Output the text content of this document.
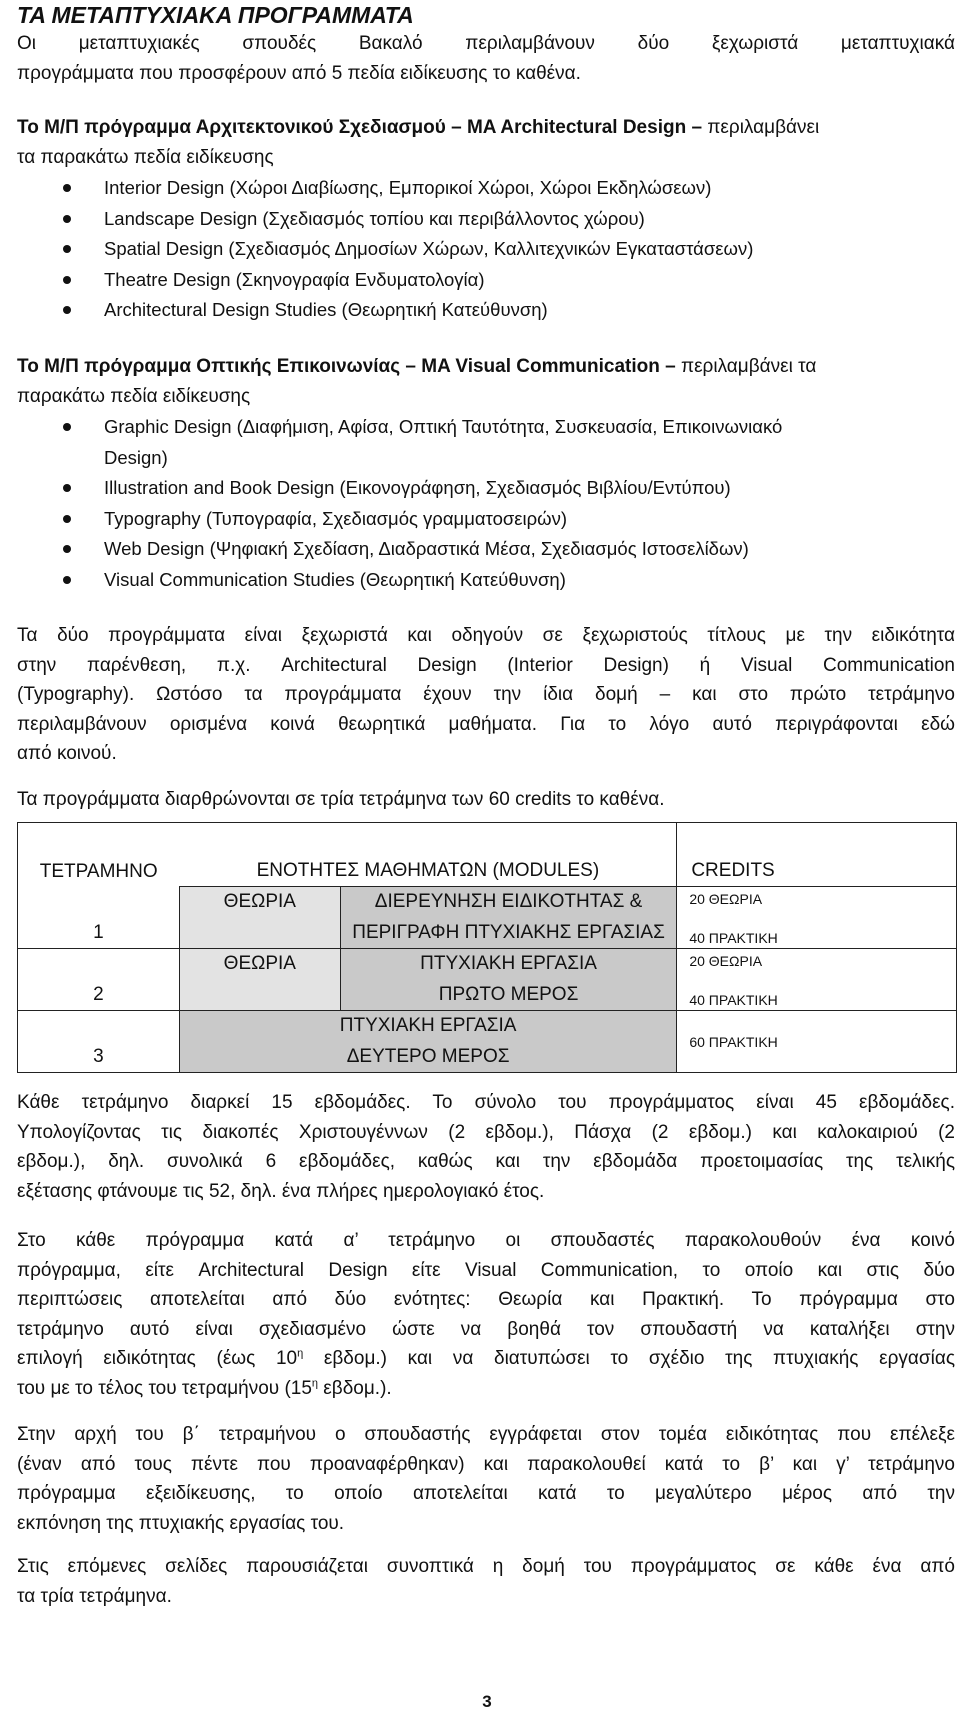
ΤΑ ΜΕΤΑΠΤΥΧΙΑΚΑ ΠΡΟΓΡΑΜΜΑΤΑ
Οι μεταπτυχιακές σπουδές Βακαλό περιλαμβάνουν δύο ξεχωριστά μεταπτυχιακά
προγράμματα που προσφέρουν από 5 πεδία ειδίκευσης το καθένα.
Το Μ/Π πρόγραμμα Αρχιτεκτονικού Σχεδιασμού – MA Architectural Design – περιλαμβάνει
τα παρακάτω πεδία ειδίκευσης
Interior Design (Χώροι Διαβίωσης, Εμπορικοί Χώροι, Χώροι Εκδηλώσεων)
Landscape Design (Σχεδιασμός τοπίου και περιβάλλοντος χώρου)
Spatial Design (Σχεδιασμός Δημοσίων Χώρων, Καλλιτεχνικών Εγκαταστάσεων)
Theatre Design (Σκηνογραφία Ενδυματολογία)
Architectural Design Studies (Θεωρητική Κατεύθυνση)
Το Μ/Π πρόγραμμα Οπτικής Επικοινωνίας – MA Visual Communication – περιλαμβάνει τα
παρακάτω πεδία ειδίκευσης
Graphic Design (Διαφήμιση, Αφίσα, Οπτική Ταυτότητα, Συσκευασία, Επικοινωνιακό
Design)
Illustration and Book Design (Εικονογράφηση, Σχεδιασμός Βιβλίου/Εντύπου)
Typography (Τυπογραφία, Σχεδιασμός γραμματοσειρών)
Web Design (Ψηφιακή Σχεδίαση, Διαδραστικά Μέσα, Σχεδιασμός Ιστοσελίδων)
Visual Communication Studies (Θεωρητική Κατεύθυνση)
Τα δύο προγράμματα είναι ξεχωριστά και οδηγούν σε ξεχωριστούς τίτλους με την ειδικότητα
στην παρένθεση, π.χ. Architectural Design (Interior Design) ή Visual Communication
(Typography). Ωστόσο τα προγράμματα έχουν την ίδια δομή – και στο πρώτο τετράμηνο
περιλαμβάνουν ορισμένα κοινά θεωρητικά μαθήματα. Για το λόγο αυτό περιγράφονται εδώ
από κοινού.
Τα προγράμματα διαρθρώνονται σε τρία τετράμηνα των 60 credits το καθένα.
ΤΕΤΡΑΜΗΝΟ	ΕΝΟΤΗΤΕΣ ΜΑΘΗΜΑΤΩΝ (MODULES)		CREDITS
1	ΘΕΩΡΙΑ	ΔΙΕΡΕΥΝΗΣΗ ΕΙΔΙΚΟΤΗΤΑΣ &	20 ΘΕΩΡΙΑ
		ΠΕΡΙΓΡΑΦΗ ΠΤΥΧΙΑΚΗΣ ΕΡΓΑΣΙΑΣ	40 ΠΡΑΚΤΙΚΗ
2	ΘΕΩΡΙΑ	ΠΤΥΧΙΑΚΗ ΕΡΓΑΣΙΑ	20 ΘΕΩΡΙΑ
		ΠΡΩΤΟ ΜΕΡΟΣ	40 ΠΡΑΚΤΙΚΗ
3	ΠΤΥΧΙΑΚΗ ΕΡΓΑΣΙΑ		60 ΠΡΑΚΤΙΚΗ
	ΔΕΥΤΕΡΟ ΜΕΡΟΣ		
Κάθε τετράμηνο διαρκεί 15 εβδομάδες. Το σύνολο του προγράμματος είναι 45 εβδομάδες.
Υπολογίζοντας τις διακοπές Χριστουγέννων (2 εβδομ.), Πάσχα (2 εβδομ.) και καλοκαιριού (2
εβδομ.), δηλ. συνολικά 6 εβδομάδες, καθώς και την εβδομάδα προετοιμασίας της τελικής
εξέτασης φτάνουμε τις 52, δηλ. ένα πλήρες ημερολογιακό έτος.
Στο κάθε πρόγραμμα κατά α’ τετράμηνο οι σπουδαστές παρακολουθούν ένα κοινό
πρόγραμμα, είτε Architectural Design είτε Visual Communication, το οποίο και στις δύο
περιπτώσεις αποτελείται από δύο ενότητες: Θεωρία και Πρακτική. Το πρόγραμμα στο
τετράμηνο αυτό είναι σχεδιασμένο ώστε να βοηθά τον σπουδαστή να καταλήξει στην
επιλογή ειδικότητας (έως $10^\eta$ εβδομ.) και να διατυπώσει το σχέδιο της πτυχιακής εργασίας
του με το τέλος του τετραμήνου ($15^\eta$ εβδομ.).
Στην αρχή του β΄ τετραμήνου ο σπουδαστής εγγράφεται στον τομέα ειδικότητας που επέλεξε
(έναν από τους πέντε που προαναφέρθηκαν) και παρακολουθεί κατά το β’ και γ’ τετράμηνο
πρόγραμμα εξειδίκευσης, το οποίο αποτελείται κατά το μεγαλύτερο μέρος από την
εκπόνηση της πτυχιακής εργασίας του.
Στις επόμενες σελίδες παρουσιάζεται συνοπτικά η δομή του προγράμματος σε κάθε ένα από
τα τρία τετράμηνα.
3
